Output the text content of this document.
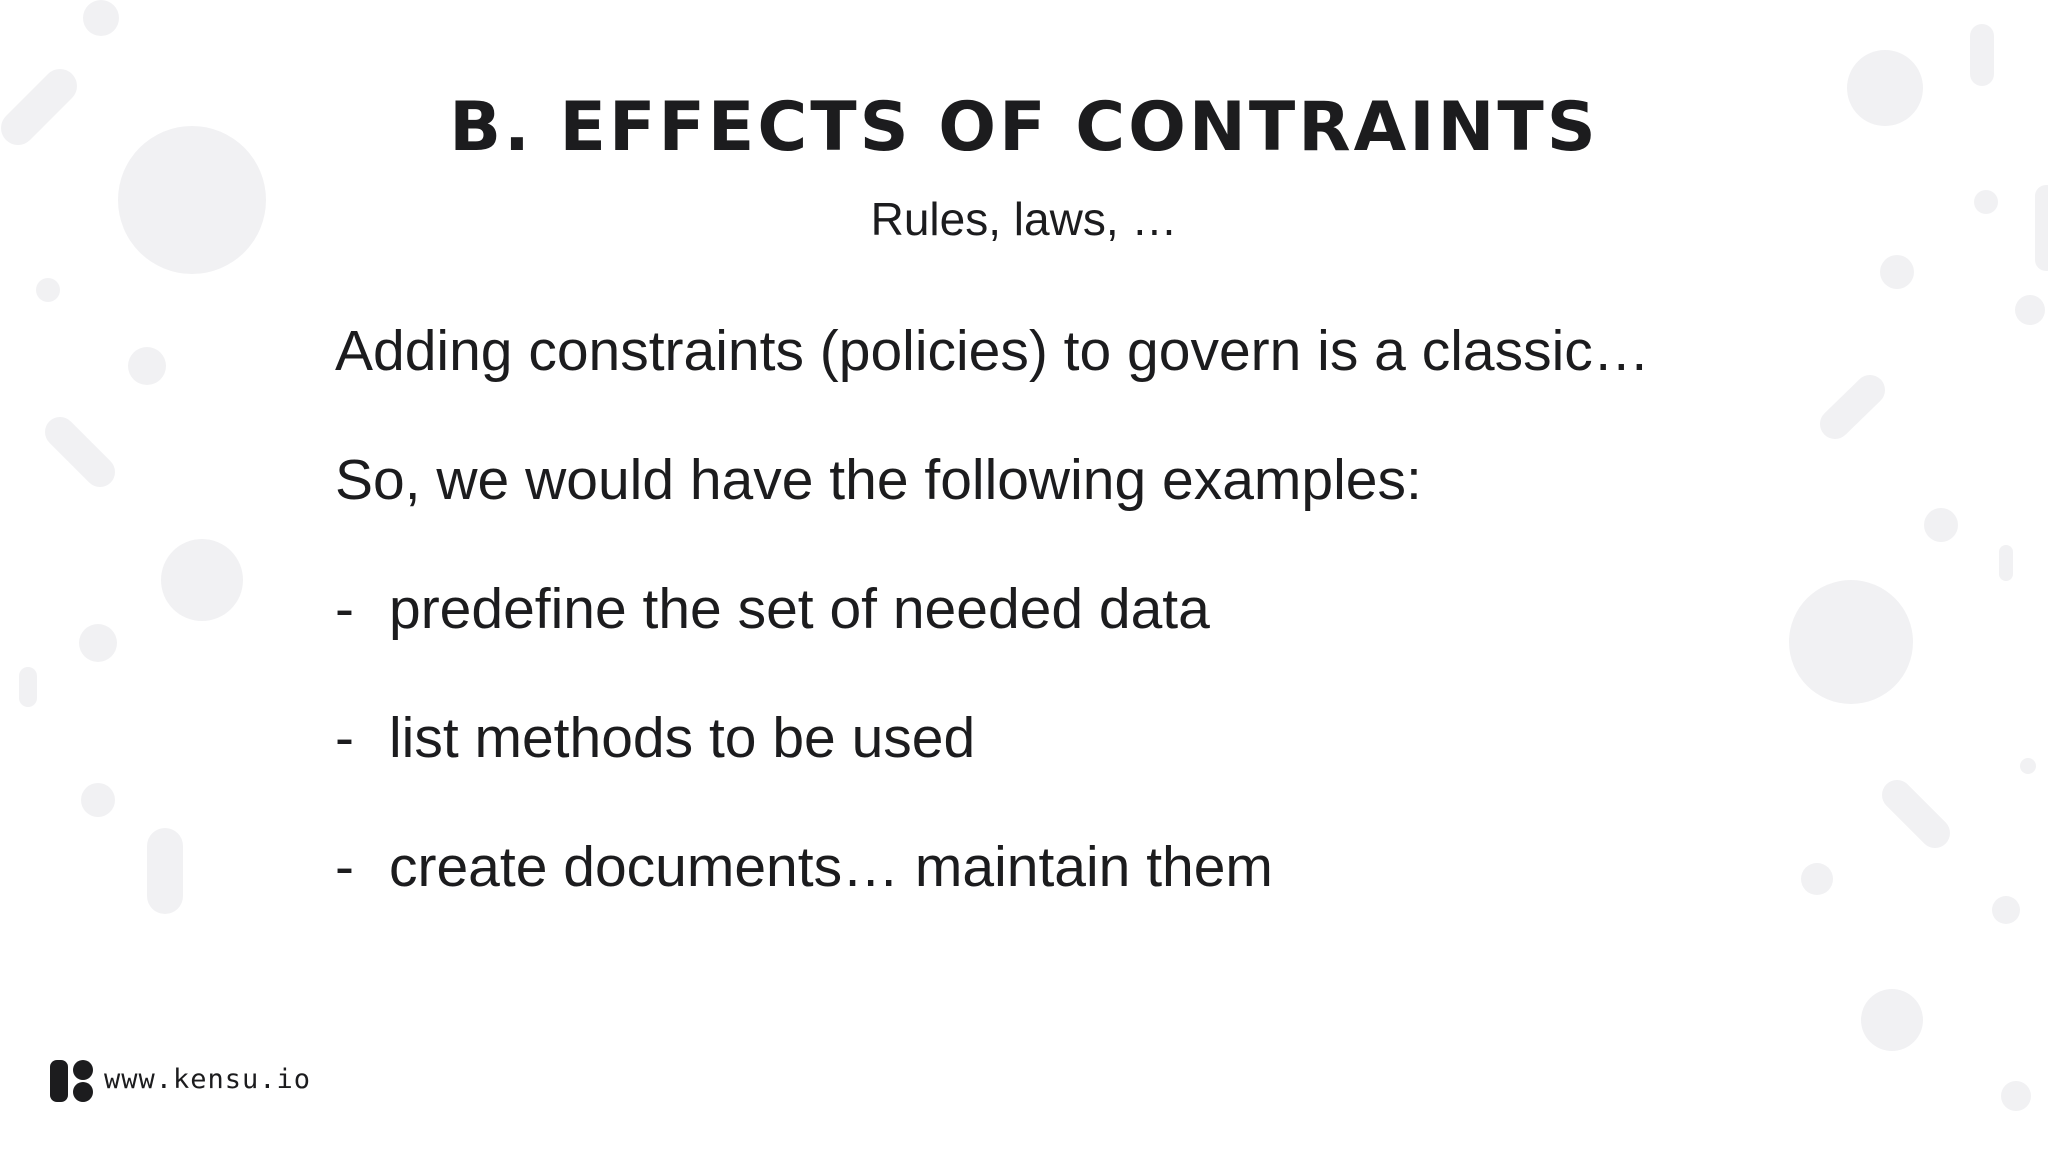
B. EFFECTS OF CONTRAINTS
Rules, laws, …
Adding constraints (policies) to govern is a classic…
So, we would have the following examples:
- predefine the set of needed data
- list methods to be used
- create documents… maintain them
www.kensu.io
